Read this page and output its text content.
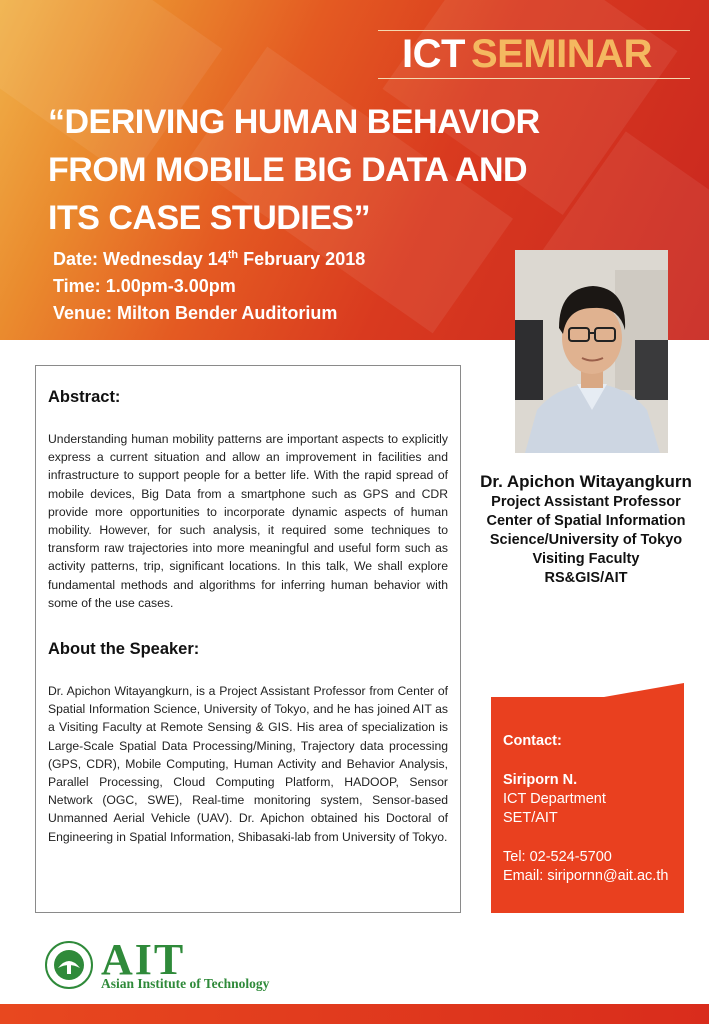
ICT SEMINAR
“DERIVING HUMAN BEHAVIOR
FROM MOBILE BIG DATA AND
ITS CASE STUDIES”
Date: Wednesday 14th February 2018
Time: 1.00pm-3.00pm
Venue: Milton Bender Auditorium
Dr. Apichon Witayangkurn
Project Assistant Professor
Center of Spatial Information
Science/University of Tokyo
Visiting Faculty
RS&GIS/AIT
Abstract:
Understanding human mobility patterns are important aspects to explicitly express a current situation and allow an improvement in facilities and infrastructure to support people for a better life. With the rapid spread of mobile devices, Big Data from a smartphone such as GPS and CDR provide more opportunities to incorporate dynamic aspects of human mobility. However, for such analysis, it required some techniques to transform raw trajectories into more meaningful and useful form such as activity patterns, trip, significant locations. In this talk, We shall explore fundamental methods and algorithms for inferring human behavior with some of the use cases.
About the Speaker:
Dr. Apichon Witayangkurn, is a Project Assistant Professor from Center of Spatial Information Science, University of Tokyo, and he has joined AIT as a Visiting Faculty at Remote Sensing & GIS. His area of specialization is Large-Scale Spatial Data Processing/Mining, Trajectory data processing (GPS, CDR), Mobile Computing, Human Activity and Behavior Analysis, Parallel Processing, Cloud Computing Platform, HADOOP, Sensor Network (OGC, SWE), Real-time monitoring system, Sensor-based Unmanned Aerial Vehicle (UAV). Dr. Apichon obtained his Doctoral of Engineering in Spatial Information, Shibasaki-lab from University of Tokyo.
Contact:
Siriporn N.
ICT Department
SET/AIT
Tel: 02-524-5700
Email: siripornn@ait.ac.th
AIT
Asian Institute of Technology
